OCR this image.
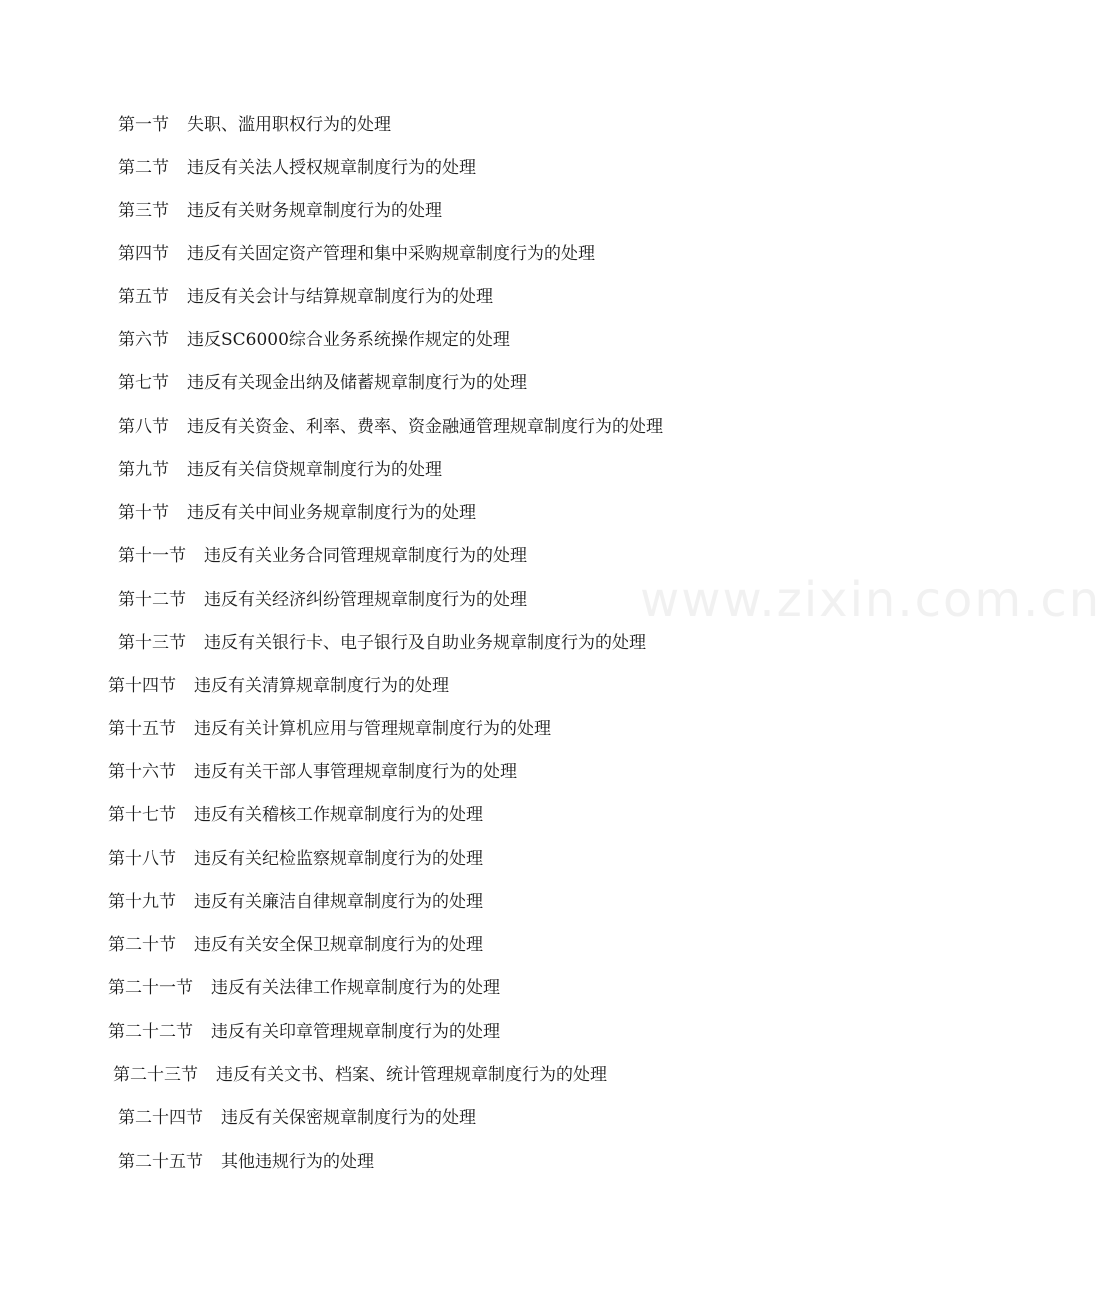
www.zixin.com.cn
第一节 失职、滥用职权行为的处理
第二节 违反有关法人授权规章制度行为的处理
第三节 违反有关财务规章制度行为的处理
第四节 违反有关固定资产管理和集中采购规章制度行为的处理
第五节 违反有关会计与结算规章制度行为的处理
第六节 违反SC6000综合业务系统操作规定的处理
第七节 违反有关现金出纳及储蓄规章制度行为的处理
第八节 违反有关资金、利率、费率、资金融通管理规章制度行为的处理
第九节 违反有关信贷规章制度行为的处理
第十节 违反有关中间业务规章制度行为的处理
第十一节 违反有关业务合同管理规章制度行为的处理
第十二节 违反有关经济纠纷管理规章制度行为的处理
第十三节 违反有关银行卡、电子银行及自助业务规章制度行为的处理
第十四节 违反有关清算规章制度行为的处理
第十五节 违反有关计算机应用与管理规章制度行为的处理
第十六节 违反有关干部人事管理规章制度行为的处理
第十七节 违反有关稽核工作规章制度行为的处理
第十八节 违反有关纪检监察规章制度行为的处理
第十九节 违反有关廉洁自律规章制度行为的处理
第二十节 违反有关安全保卫规章制度行为的处理
第二十一节 违反有关法律工作规章制度行为的处理
第二十二节 违反有关印章管理规章制度行为的处理
第二十三节 违反有关文书、档案、统计管理规章制度行为的处理
第二十四节 违反有关保密规章制度行为的处理
第二十五节 其他违规行为的处理
